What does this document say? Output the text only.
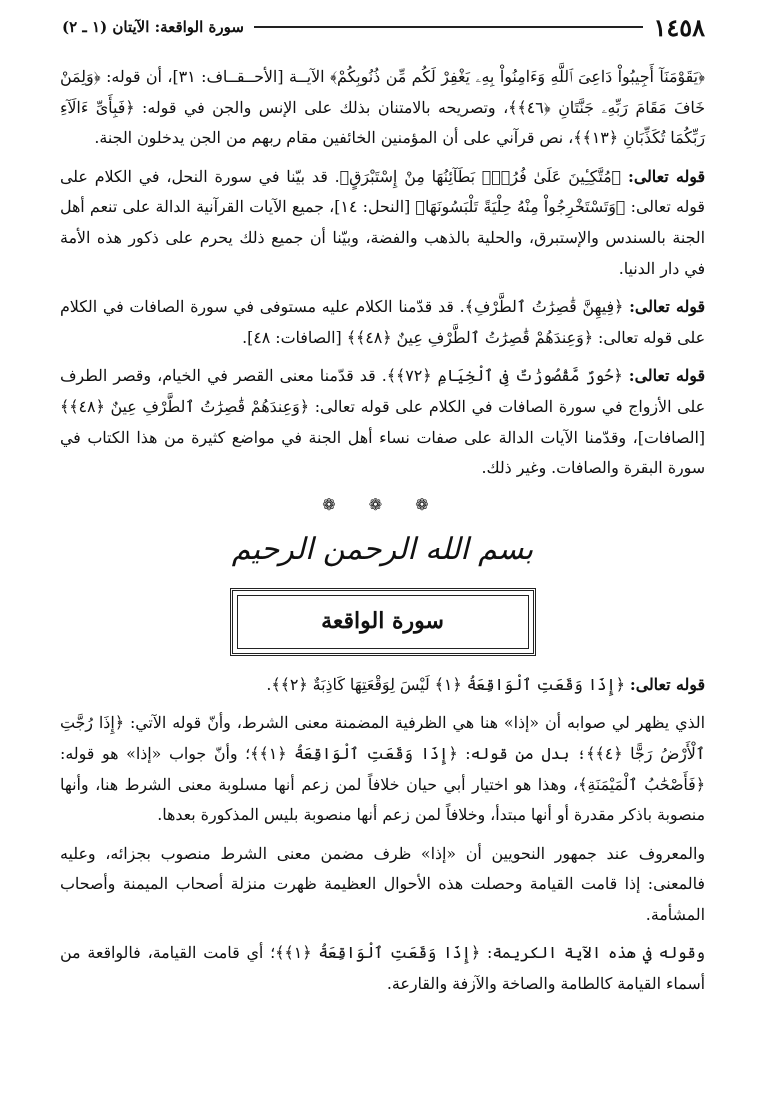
١٤٥٨
سورة الواقعة: الآيتان (١ ـ ٢)

﴿يَقَوْمَنَآ أَجِيبُواْ دَاعِىَ ٱللَّهِ وَءَامِنُواْ بِهِۦ يَغْفِرْ لَكُم مِّن ذُنُوبِكُمْ﴾ الآيــة [الأحــقــاف: ٣١]، أن قوله: ﴿وَلِمَنْ خَافَ مَقَامَ رَبِّهِۦ جَنَّتَانِ ﴿٤٦﴾﴾، وتصريحه بالامتنان بذلك على الإنس والجن في قوله: ﴿فَبِأَىِّ ءَالَآءِ رَبِّكُمَا تُكَذِّبَانِ ﴿١٣﴾﴾، نص قرآني على أن المؤمنين الخائفين مقام ربهم من الجن يدخلون الجنة.

قوله تعالى: ﴿مُتَّكِـِٔينَ عَلَىٰ فُرُشٍۭ بَطَآئِنُهَا مِنْ إِسْتَبْرَقٍ﴾. قد بيّنا في سورة النحل، في الكلام على قوله تعالى: ﴿وَتَسْتَخْرِجُواْ مِنْهُ حِلْيَةً تَلْبَسُونَهَا﴾ [النحل: ١٤]، جميع الآيات القرآنية الدالة على تنعم أهل الجنة بالسندس والإستبرق، والحلية بالذهب والفضة، وبيّنا أن جميع ذلك يحرم على ذكور هذه الأمة في دار الدنيا.

قوله تعالى: ﴿فِيهِنَّ قَٰصِرَٰتُ ٱلطَّرْفِ﴾. قد قدّمنا الكلام عليه مستوفى في سورة الصافات في الكلام على قوله تعالى: ﴿وَعِندَهُمْ قَٰصِرَٰتُ ٱلطَّرْفِ عِينٌ ﴿٤٨﴾﴾ [الصافات: ٤٨].

قوله تعالى: ﴿حُورٌ مَّقْصُورَٰتٌ فِى ٱلْخِيَامِ ﴿٧٢﴾﴾. قد قدّمنا معنى القصر في الخيام، وقصر الطرف على الأزواج في سورة الصافات في الكلام على قوله تعالى: ﴿وَعِندَهُمْ قَٰصِرَٰتُ ٱلطَّرْفِ عِينٌ ﴿٤٨﴾﴾ [الصافات]، وقدّمنا الآيات الدالة على صفات نساء أهل الجنة في مواضع كثيرة من هذا الكتاب في سورة البقرة والصافات. وغير ذلك.

❁ ❁ ❁
بسم الله الرحمن الرحيم
سورة الواقعة

قوله تعالى: ﴿إِذَا وَقَعَتِ ٱلْوَاقِعَةُ ﴿١﴾ لَيْسَ لِوَقْعَتِهَا كَاذِبَةٌ ﴿٢﴾﴾.

الذي يظهر لي صوابه أن «إذا» هنا هي الظرفية المضمنة معنى الشرط، وأنّ قوله الآتي: ﴿إِذَا رُجَّتِ ٱلْأَرْضُ رَجًّا ﴿٤﴾﴾؛ بدل من قوله: ﴿إِذَا وَقَعَتِ ٱلْوَاقِعَةُ ﴿١﴾﴾؛ وأنّ جواب «إذا» هو قوله: ﴿فَأَصْحَٰبُ ٱلْمَيْمَنَةِ﴾، وهذا هو اختيار أبي حيان خلافاً لمن زعم أنها مسلوبة معنى الشرط هنا، وأنها منصوبة باذكر مقدرة أو أنها مبتدأ، وخلافاً لمن زعم أنها منصوبة بليس المذكورة بعدها.

والمعروف عند جمهور النحويين أن «إذا» ظرف مضمن معنى الشرط منصوب بجزائه، وعليه فالمعنى: إذا قامت القيامة وحصلت هذه الأحوال العظيمة ظهرت منزلة أصحاب الميمنة وأصحاب المشأمة.

وقوله في هذه الآية الكريمة: ﴿إِذَا وَقَعَتِ ٱلْوَاقِعَةُ ﴿١﴾﴾؛ أي قامت القيامة، فالواقعة من أسماء القيامة كالطامة والصاخة والآزفة والقارعة.
